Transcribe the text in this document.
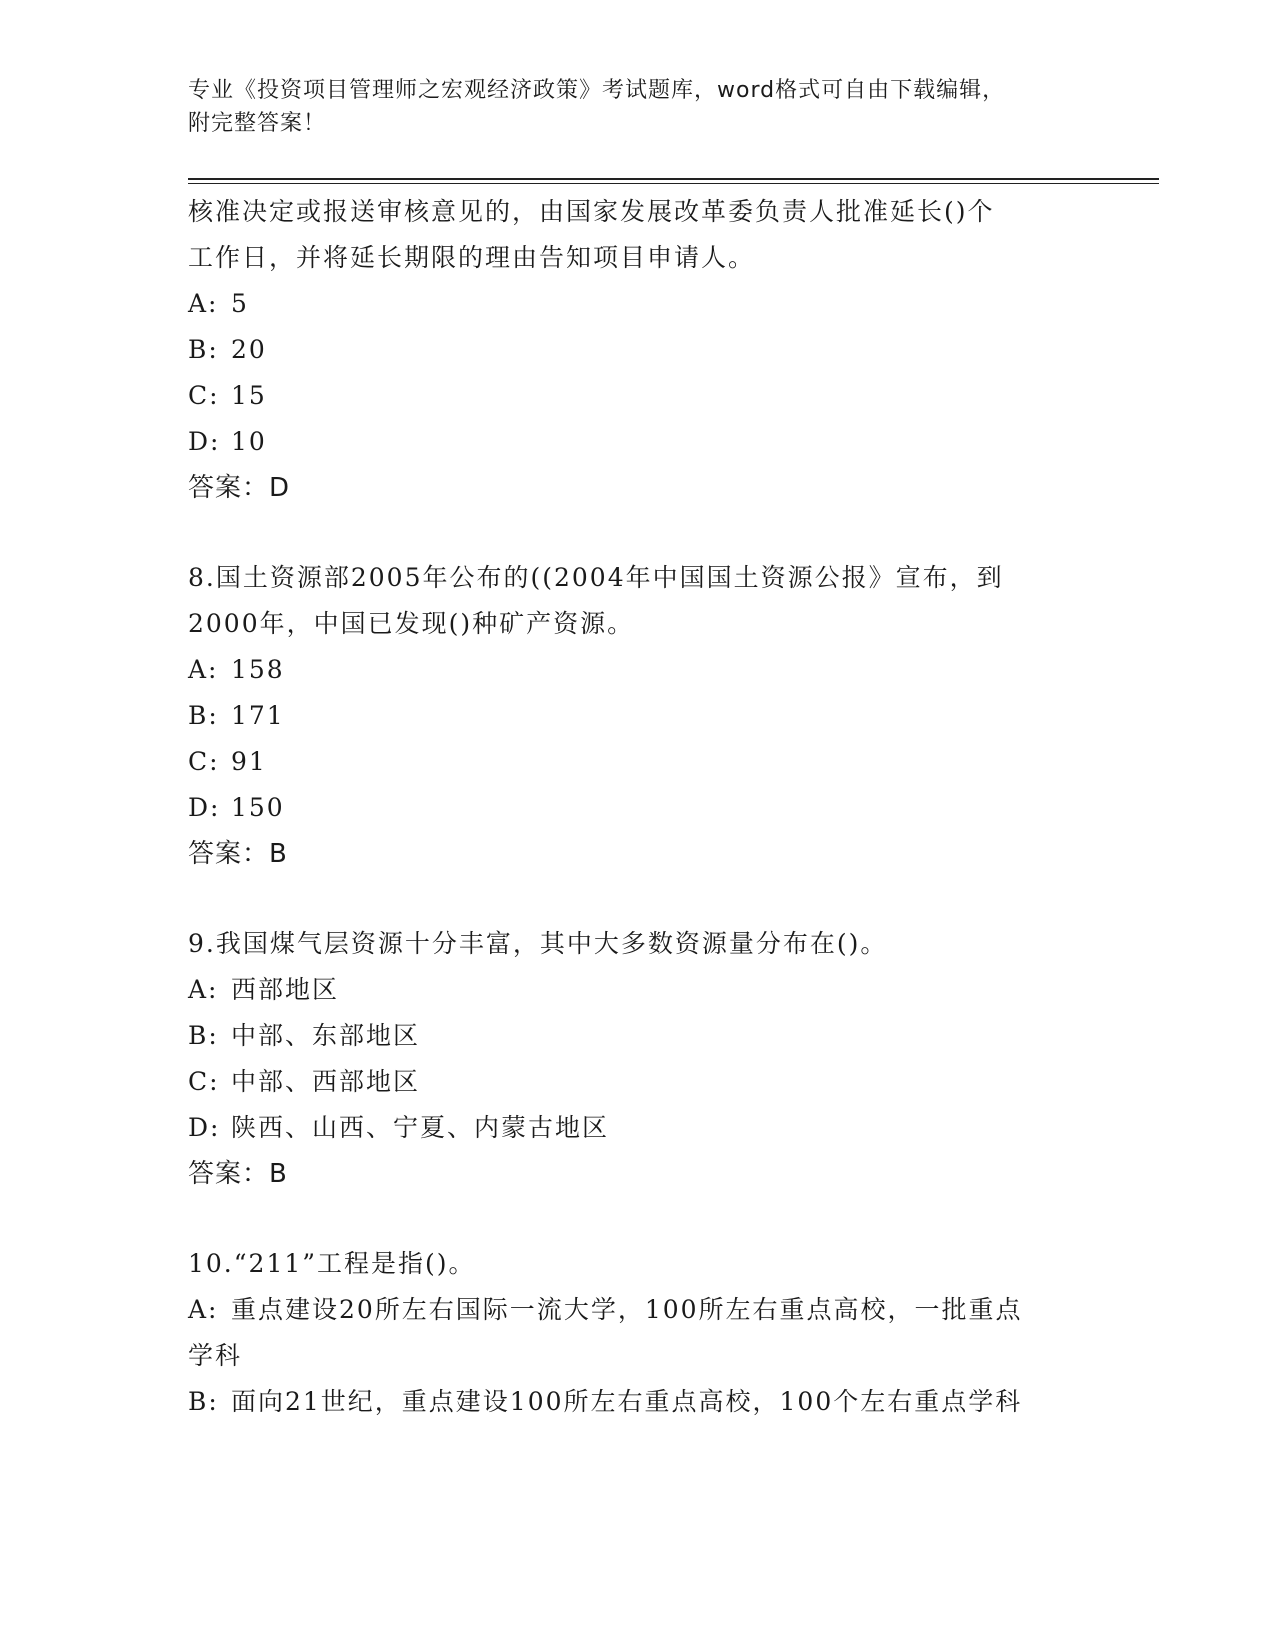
专业《投资项目管理师之宏观经济政策》考试题库，word格式可自由下载编辑，
附完整答案！
核准决定或报送审核意见的，由国家发展改革委负责人批准延长()个
工作日，并将延长期限的理由告知项目申请人。
A: 5
B: 20
C: 15
D: 10
答案：D
8.国土资源部2005年公布的((2004年中国国土资源公报》宣布，到
2000年，中国已发现()种矿产资源。
A: 158
B: 171
C: 91
D: 150
答案：B
9.我国煤气层资源十分丰富，其中大多数资源量分布在()。
A: 西部地区
B: 中部、东部地区
C: 中部、西部地区
D: 陕西、山西、宁夏、内蒙古地区
答案：B
10.“211”工程是指()。
A: 重点建设20所左右国际一流大学，100所左右重点高校，一批重点
学科
B: 面向21世纪，重点建设100所左右重点高校，100个左右重点学科
